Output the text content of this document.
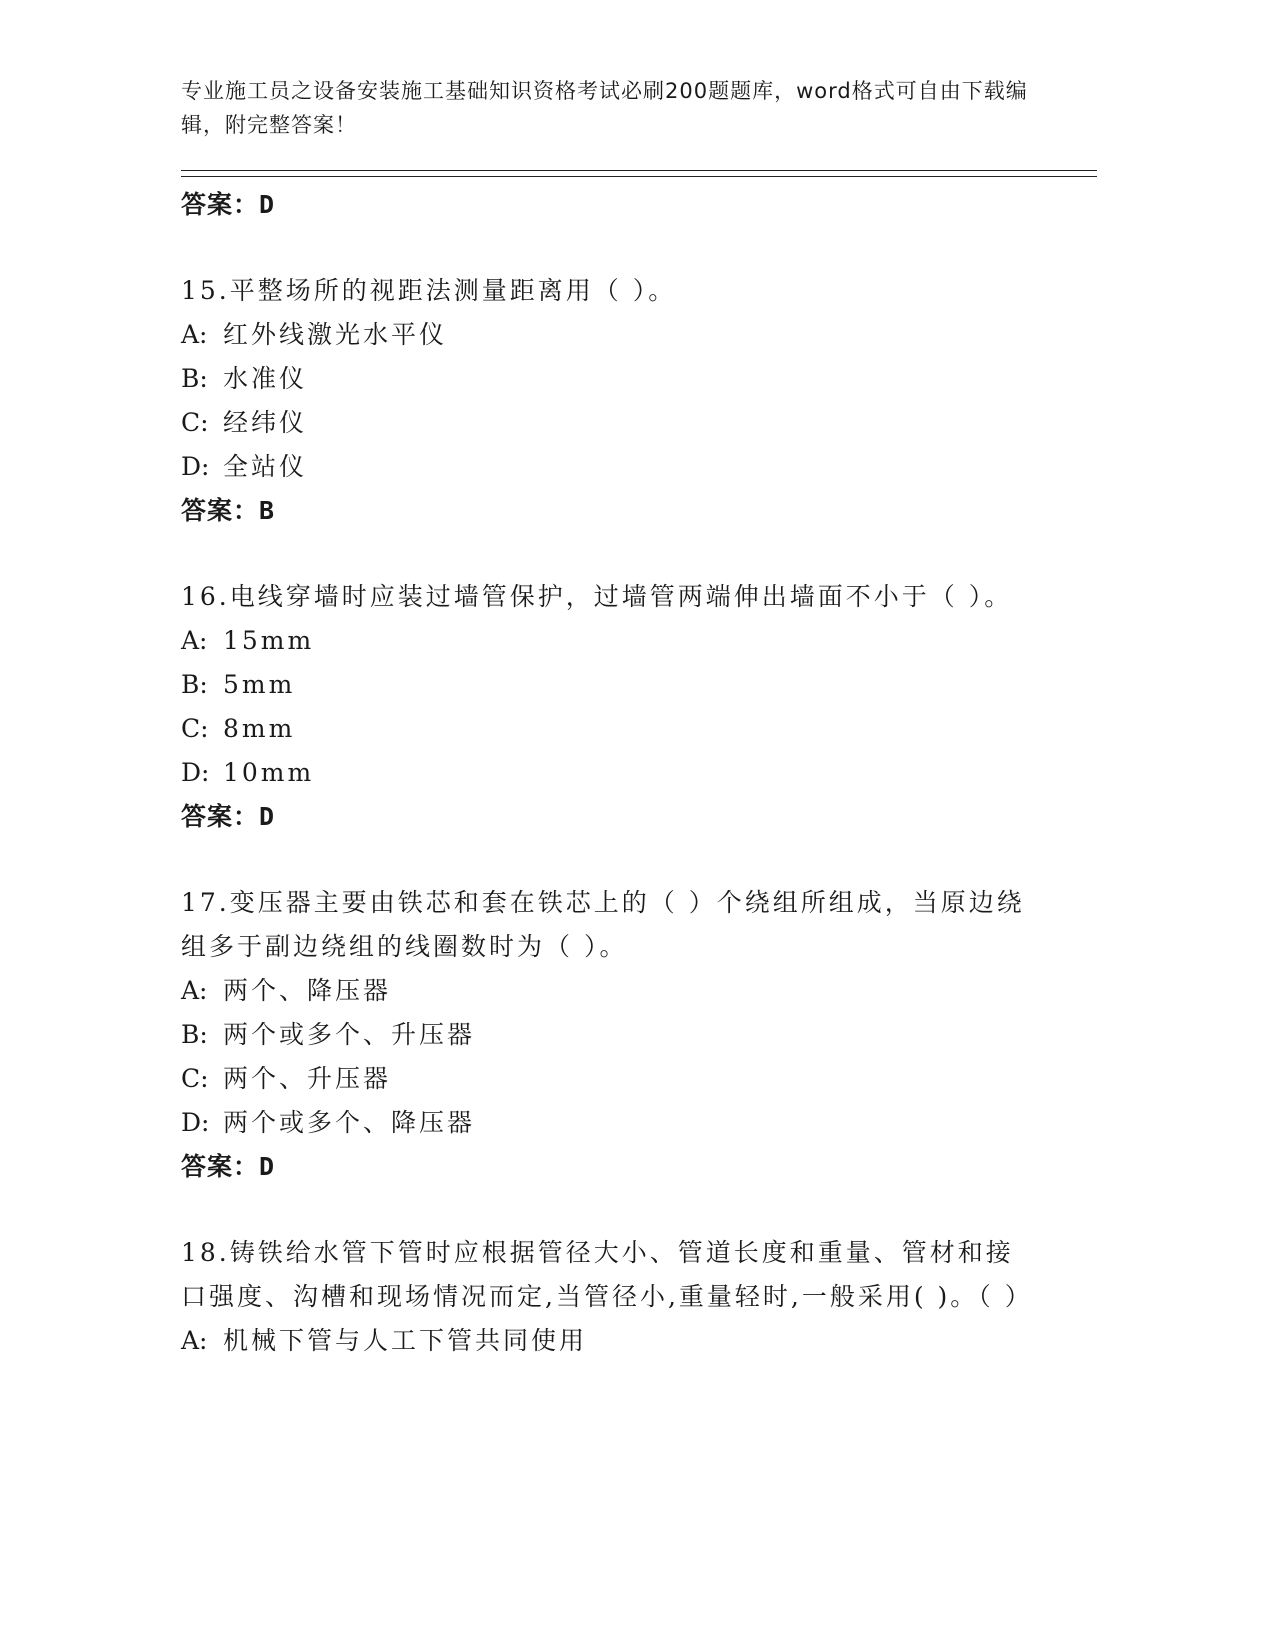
专业施工员之设备安装施工基础知识资格考试必刷200题题库，word格式可自由下载编辑，附完整答案！
答案：D
15.平整场所的视距法测量距离用（ ）。
A: 红外线激光水平仪
B: 水准仪
C: 经纬仪
D: 全站仪
答案：B
16.电线穿墙时应装过墙管保护，过墙管两端伸出墙面不小于（ ）。
A: 15mm
B: 5mm
C: 8mm
D: 10mm
答案：D
17.变压器主要由铁芯和套在铁芯上的（ ）个绕组所组成，当原边绕组多于副边绕组的线圈数时为（ ）。
A: 两个、降压器
B: 两个或多个、升压器
C: 两个、升压器
D: 两个或多个、降压器
答案：D
18.铸铁给水管下管时应根据管径大小、管道长度和重量、管材和接口强度、沟槽和现场情况而定,当管径小,重量轻时,一般采用( )。（ ）
A: 机械下管与人工下管共同使用
